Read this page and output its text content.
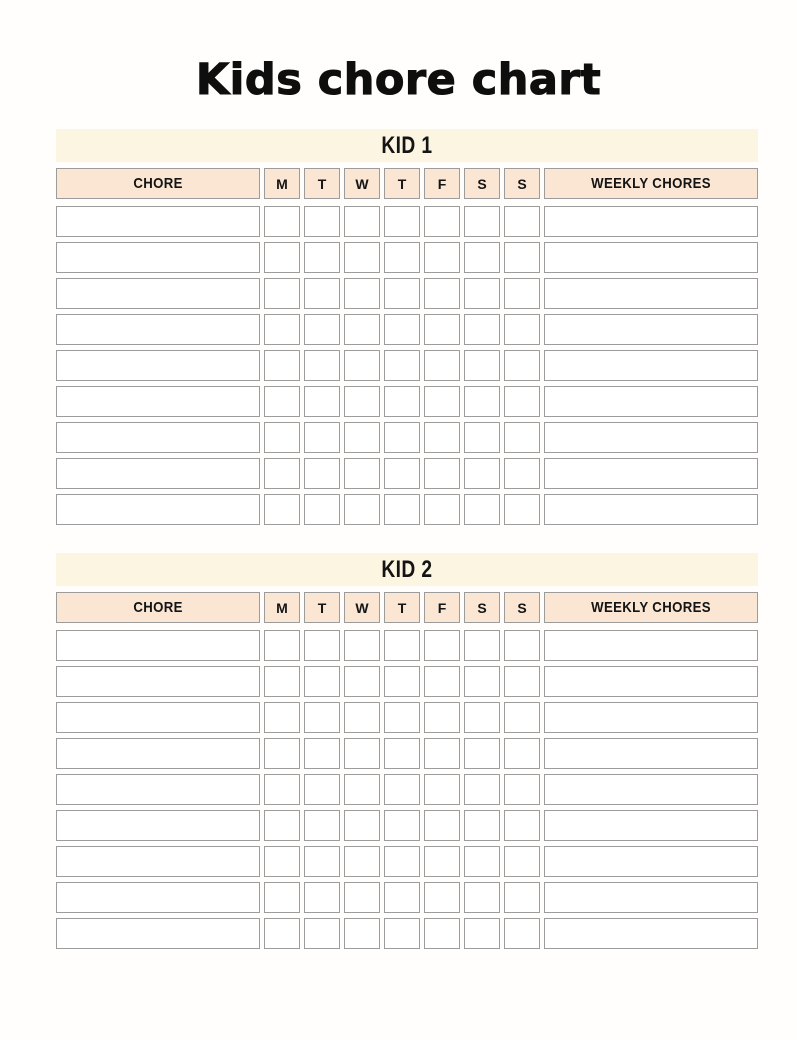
Kids chore chart
KID 1
CHORE	M	T	W	T	F	S	S	WEEKLY CHORES
KID 2
CHORE	M	T	W	T	F	S	S	WEEKLY CHORES
